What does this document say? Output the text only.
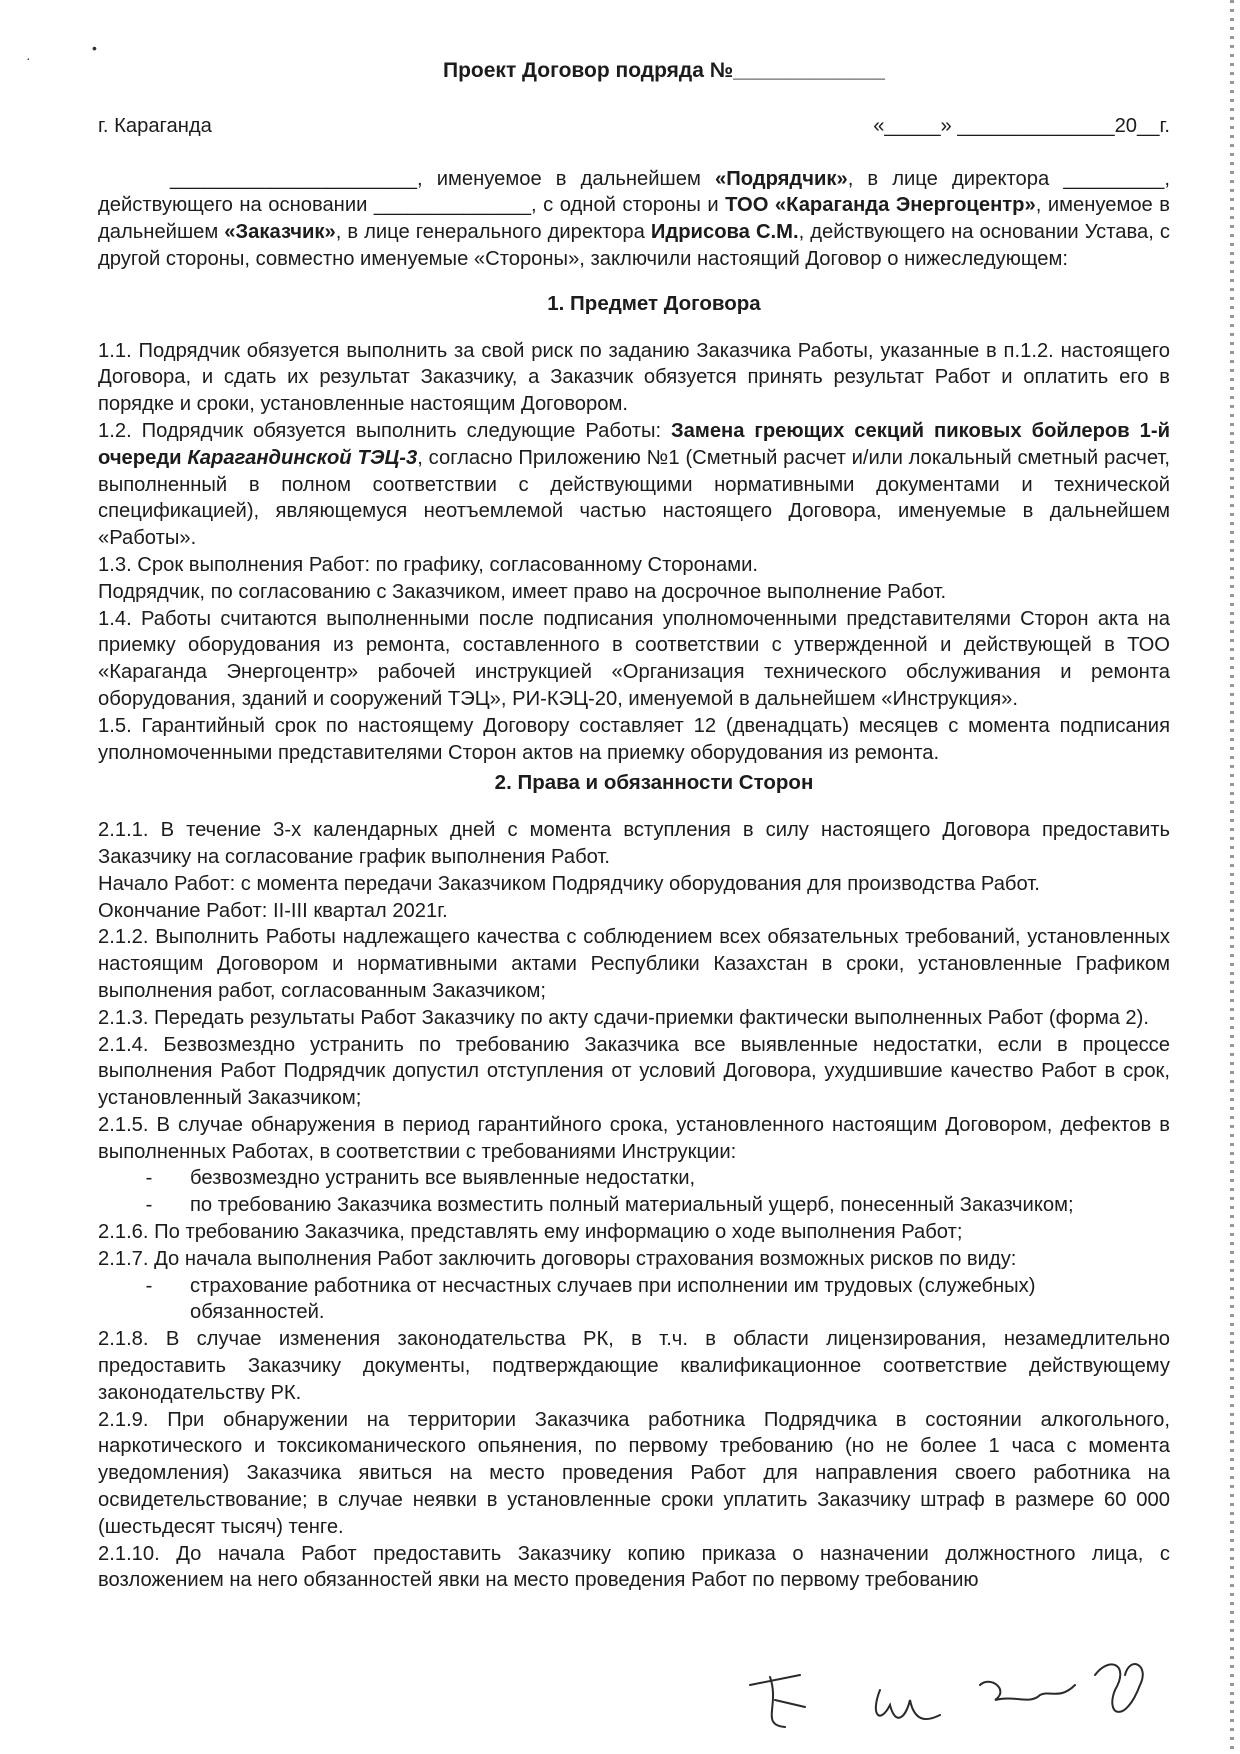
•
·
Проект Договор подряда №_____________
г. Караганда	«_____» ______________20__г.

______________________, именуемое в дальнейшем «Подрядчик», в лице директора _________, действующего на основании ______________, с одной стороны и ТОО «Караганда Энергоцентр», именуемое в дальнейшем «Заказчик», в лице генерального директора Идрисова С.М., действующего на основании Устава, с другой стороны, совместно именуемые «Стороны», заключили настоящий Договор о нижеследующем:

1. Предмет Договора

1.1. Подрядчик обязуется выполнить за свой риск по заданию Заказчика Работы, указанные в п.1.2. настоящего Договора, и сдать их результат Заказчику, а Заказчик обязуется принять результат Работ и оплатить его в порядке и сроки, установленные настоящим Договором.

1.2. Подрядчик обязуется выполнить следующие Работы: Замена греющих секций пиковых бойлеров 1-й очереди Карагандинской ТЭЦ-3, согласно Приложению №1 (Сметный расчет и/или локальный сметный расчет, выполненный в полном соответствии с действующими нормативными документами и технической спецификацией), являющемуся неотъемлемой частью настоящего Договора, именуемые в дальнейшем «Работы».

1.3. Срок выполнения Работ: по графику, согласованному Сторонами.

Подрядчик, по согласованию с Заказчиком, имеет право на досрочное выполнение Работ.

1.4. Работы считаются выполненными после подписания уполномоченными представителями Сторон акта на приемку оборудования из ремонта, составленного в соответствии с утвержденной и действующей в ТОО «Караганда Энергоцентр» рабочей инструкцией «Организация технического обслуживания и ремонта оборудования, зданий и сооружений ТЭЦ», РИ-КЭЦ-20, именуемой в дальнейшем «Инструкция».

1.5. Гарантийный срок по настоящему Договору составляет 12 (двенадцать) месяцев с момента подписания уполномоченными представителями Сторон актов на приемку оборудования из ремонта.

2. Права и обязанности Сторон

2.1.1. В течение 3-х календарных дней с момента вступления в силу настоящего Договора предоставить Заказчику на согласование график выполнения Работ.

Начало Работ: с момента передачи Заказчиком Подрядчику оборудования для производства Работ.

Окончание Работ: II-III квартал 2021г.

2.1.2. Выполнить Работы надлежащего качества с соблюдением всех обязательных требований, установленных настоящим Договором и нормативными актами Республики Казахстан в сроки, установленные Графиком выполнения работ, согласованным Заказчиком;

2.1.3. Передать результаты Работ Заказчику по акту сдачи-приемки фактически выполненных Работ (форма 2).

2.1.4. Безвозмездно устранить по требованию Заказчика все выявленные недостатки, если в процессе выполнения Работ Подрядчик допустил отступления от условий Договора, ухудшившие качество Работ в срок, установленный Заказчиком;

2.1.5. В случае обнаружения в период гарантийного срока, установленного настоящим Договором, дефектов в выполненных Работах, в соответствии с требованиями Инструкции:

-	безвозмездно устранить все выявленные недостатки,
-	по требованию Заказчика возместить полный материальный ущерб, понесенный Заказчиком;

2.1.6. По требованию Заказчика, представлять ему информацию о ходе выполнения Работ;

2.1.7. До начала выполнения Работ заключить договоры страхования возможных рисков по виду:

-	страхование работника от несчастных случаев при исполнении им трудовых (служебных) обязанностей.

2.1.8. В случае изменения законодательства РК, в т.ч. в области лицензирования, незамедлительно предоставить Заказчику документы, подтверждающие квалификационное соответствие действующему законодательству РК.

2.1.9. При обнаружении на территории Заказчика работника Подрядчика в состоянии алкогольного, наркотического и токсикоманического опьянения, по первому требованию (но не более 1 часа с момента уведомления) Заказчика явиться на место проведения Работ для направления своего работника на освидетельствование; в случае неявки в установленные сроки уплатить Заказчику штраф в размере 60 000 (шестьдесят тысяч) тенге.

2.1.10. До начала Работ предоставить Заказчику копию приказа о назначении должностного лица, с возложением на него обязанностей явки на место проведения Работ по первому требованию
